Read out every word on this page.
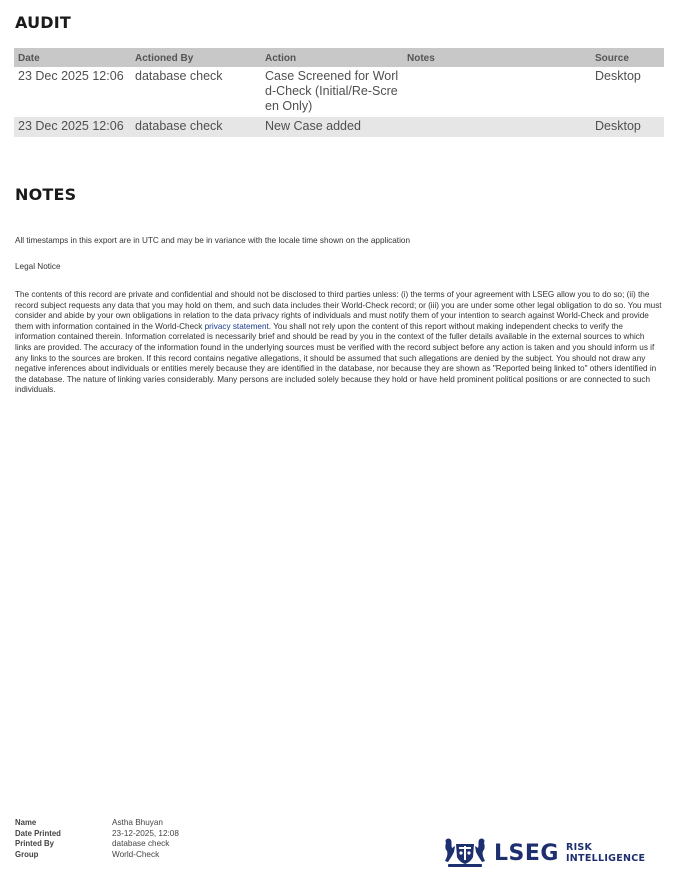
AUDIT
Date	Actioned By	Action	Notes	Source
23 Dec 2025 12:06	database check	Case Screened for World-Check (Initial/Re-Screen Only)		Desktop
23 Dec 2025 12:06	database check	New Case added		Desktop
NOTES

All timestamps in this export are in UTC and may be in variance with the locale time shown on the application

Legal Notice

The contents of this record are private and confidential and should not be disclosed to third parties unless: (i) the terms of your agreement with LSEG allow you to do so; (ii) the record subject requests any data that you may hold on them, and such data includes their World-Check record; or (iii) you are under some other legal obligation to do so. You must consider and abide by your own obligations in relation to the data privacy rights of individuals and must notify them of your intention to search against World-Check and provide them with information contained in the World-Check privacy statement. You shall not rely upon the content of this report without making independent checks to verify the information contained therein. Information correlated is necessarily brief and should be read by you in the context of the fuller details available in the external sources to which links are provided. The accuracy of the information found in the underlying sources must be verified with the record subject before any action is taken and you should inform us if any links to the sources are broken. If this record contains negative allegations, it should be assumed that such allegations are denied by the subject. You should not draw any negative inferences about individuals or entities merely because they are identified in the database, nor because they are shown as "Reported being linked to" others identified in the database. The nature of linking varies considerably. Many persons are included solely because they hold or have held prominent political positions or are connected to such individuals.

Name	Astha Bhuyan
Date Printed	23-12-2025, 12:08
Printed By	database check
Group	World-Check	LSEG RISK
INTELLIGENCE
